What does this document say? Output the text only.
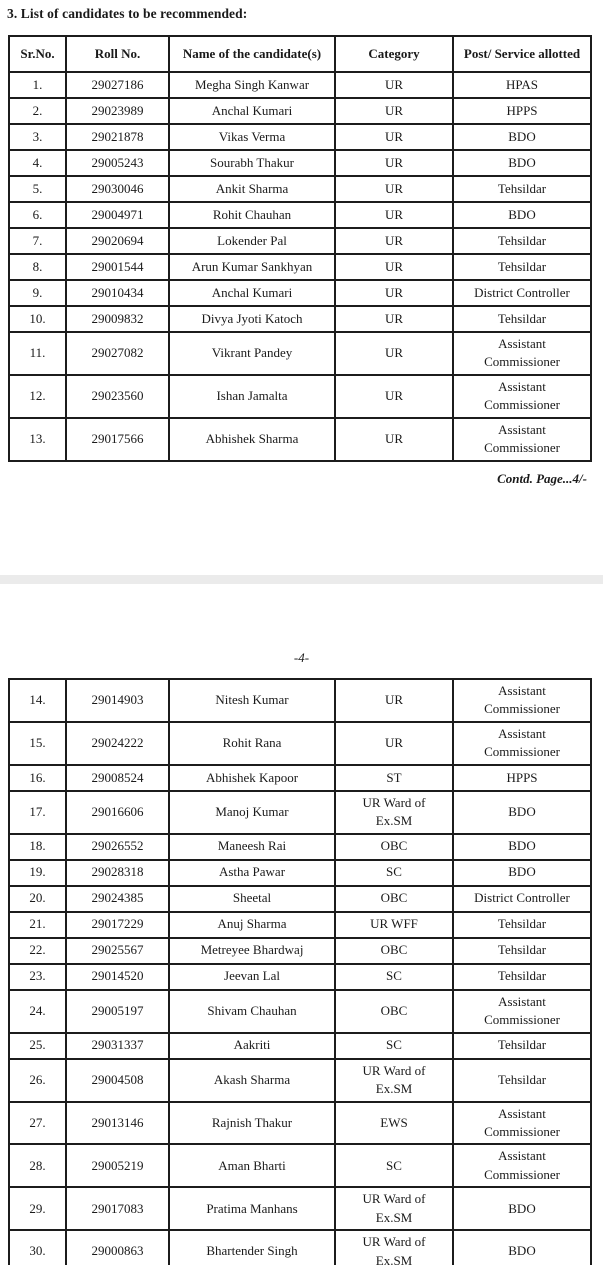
3. List of candidates to be recommended:
Sr.No.	Roll No.	Name of the candidate(s)	Category	Post/ Service allotted
1.	29027186	Megha Singh Kanwar	UR	HPAS
2.	29023989	Anchal Kumari	UR	HPPS
3.	29021878	Vikas Verma	UR	BDO
4.	29005243	Sourabh Thakur	UR	BDO
5.	29030046	Ankit Sharma	UR	Tehsildar
6.	29004971	Rohit Chauhan	UR	BDO
7.	29020694	Lokender Pal	UR	Tehsildar
8.	29001544	Arun Kumar Sankhyan	UR	Tehsildar
9.	29010434	Anchal Kumari	UR	District Controller
10.	29009832	Divya Jyoti Katoch	UR	Tehsildar
11.	29027082	Vikrant Pandey	UR	Assistant Commissioner
12.	29023560	Ishan Jamalta	UR	Assistant Commissioner
13.	29017566	Abhishek Sharma	UR	Assistant Commissioner
Contd. Page...4/-
-4-
14.	29014903	Nitesh Kumar	UR	Assistant Commissioner
15.	29024222	Rohit Rana	UR	Assistant Commissioner
16.	29008524	Abhishek Kapoor	ST	HPPS
17.	29016606	Manoj Kumar	UR Ward of Ex.SM	BDO
18.	29026552	Maneesh Rai	OBC	BDO
19.	29028318	Astha Pawar	SC	BDO
20.	29024385	Sheetal	OBC	District Controller
21.	29017229	Anuj Sharma	UR WFF	Tehsildar
22.	29025567	Metreyee Bhardwaj	OBC	Tehsildar
23.	29014520	Jeevan Lal	SC	Tehsildar
24.	29005197	Shivam Chauhan	OBC	Assistant Commissioner
25.	29031337	Aakriti	SC	Tehsildar
26.	29004508	Akash Sharma	UR Ward of Ex.SM	Tehsildar
27.	29013146	Rajnish Thakur	EWS	Assistant Commissioner
28.	29005219	Aman Bharti	SC	Assistant Commissioner
29.	29017083	Pratima Manhans	UR Ward of Ex.SM	BDO
30.	29000863	Bhartender Singh	UR Ward of Ex.SM	BDO
